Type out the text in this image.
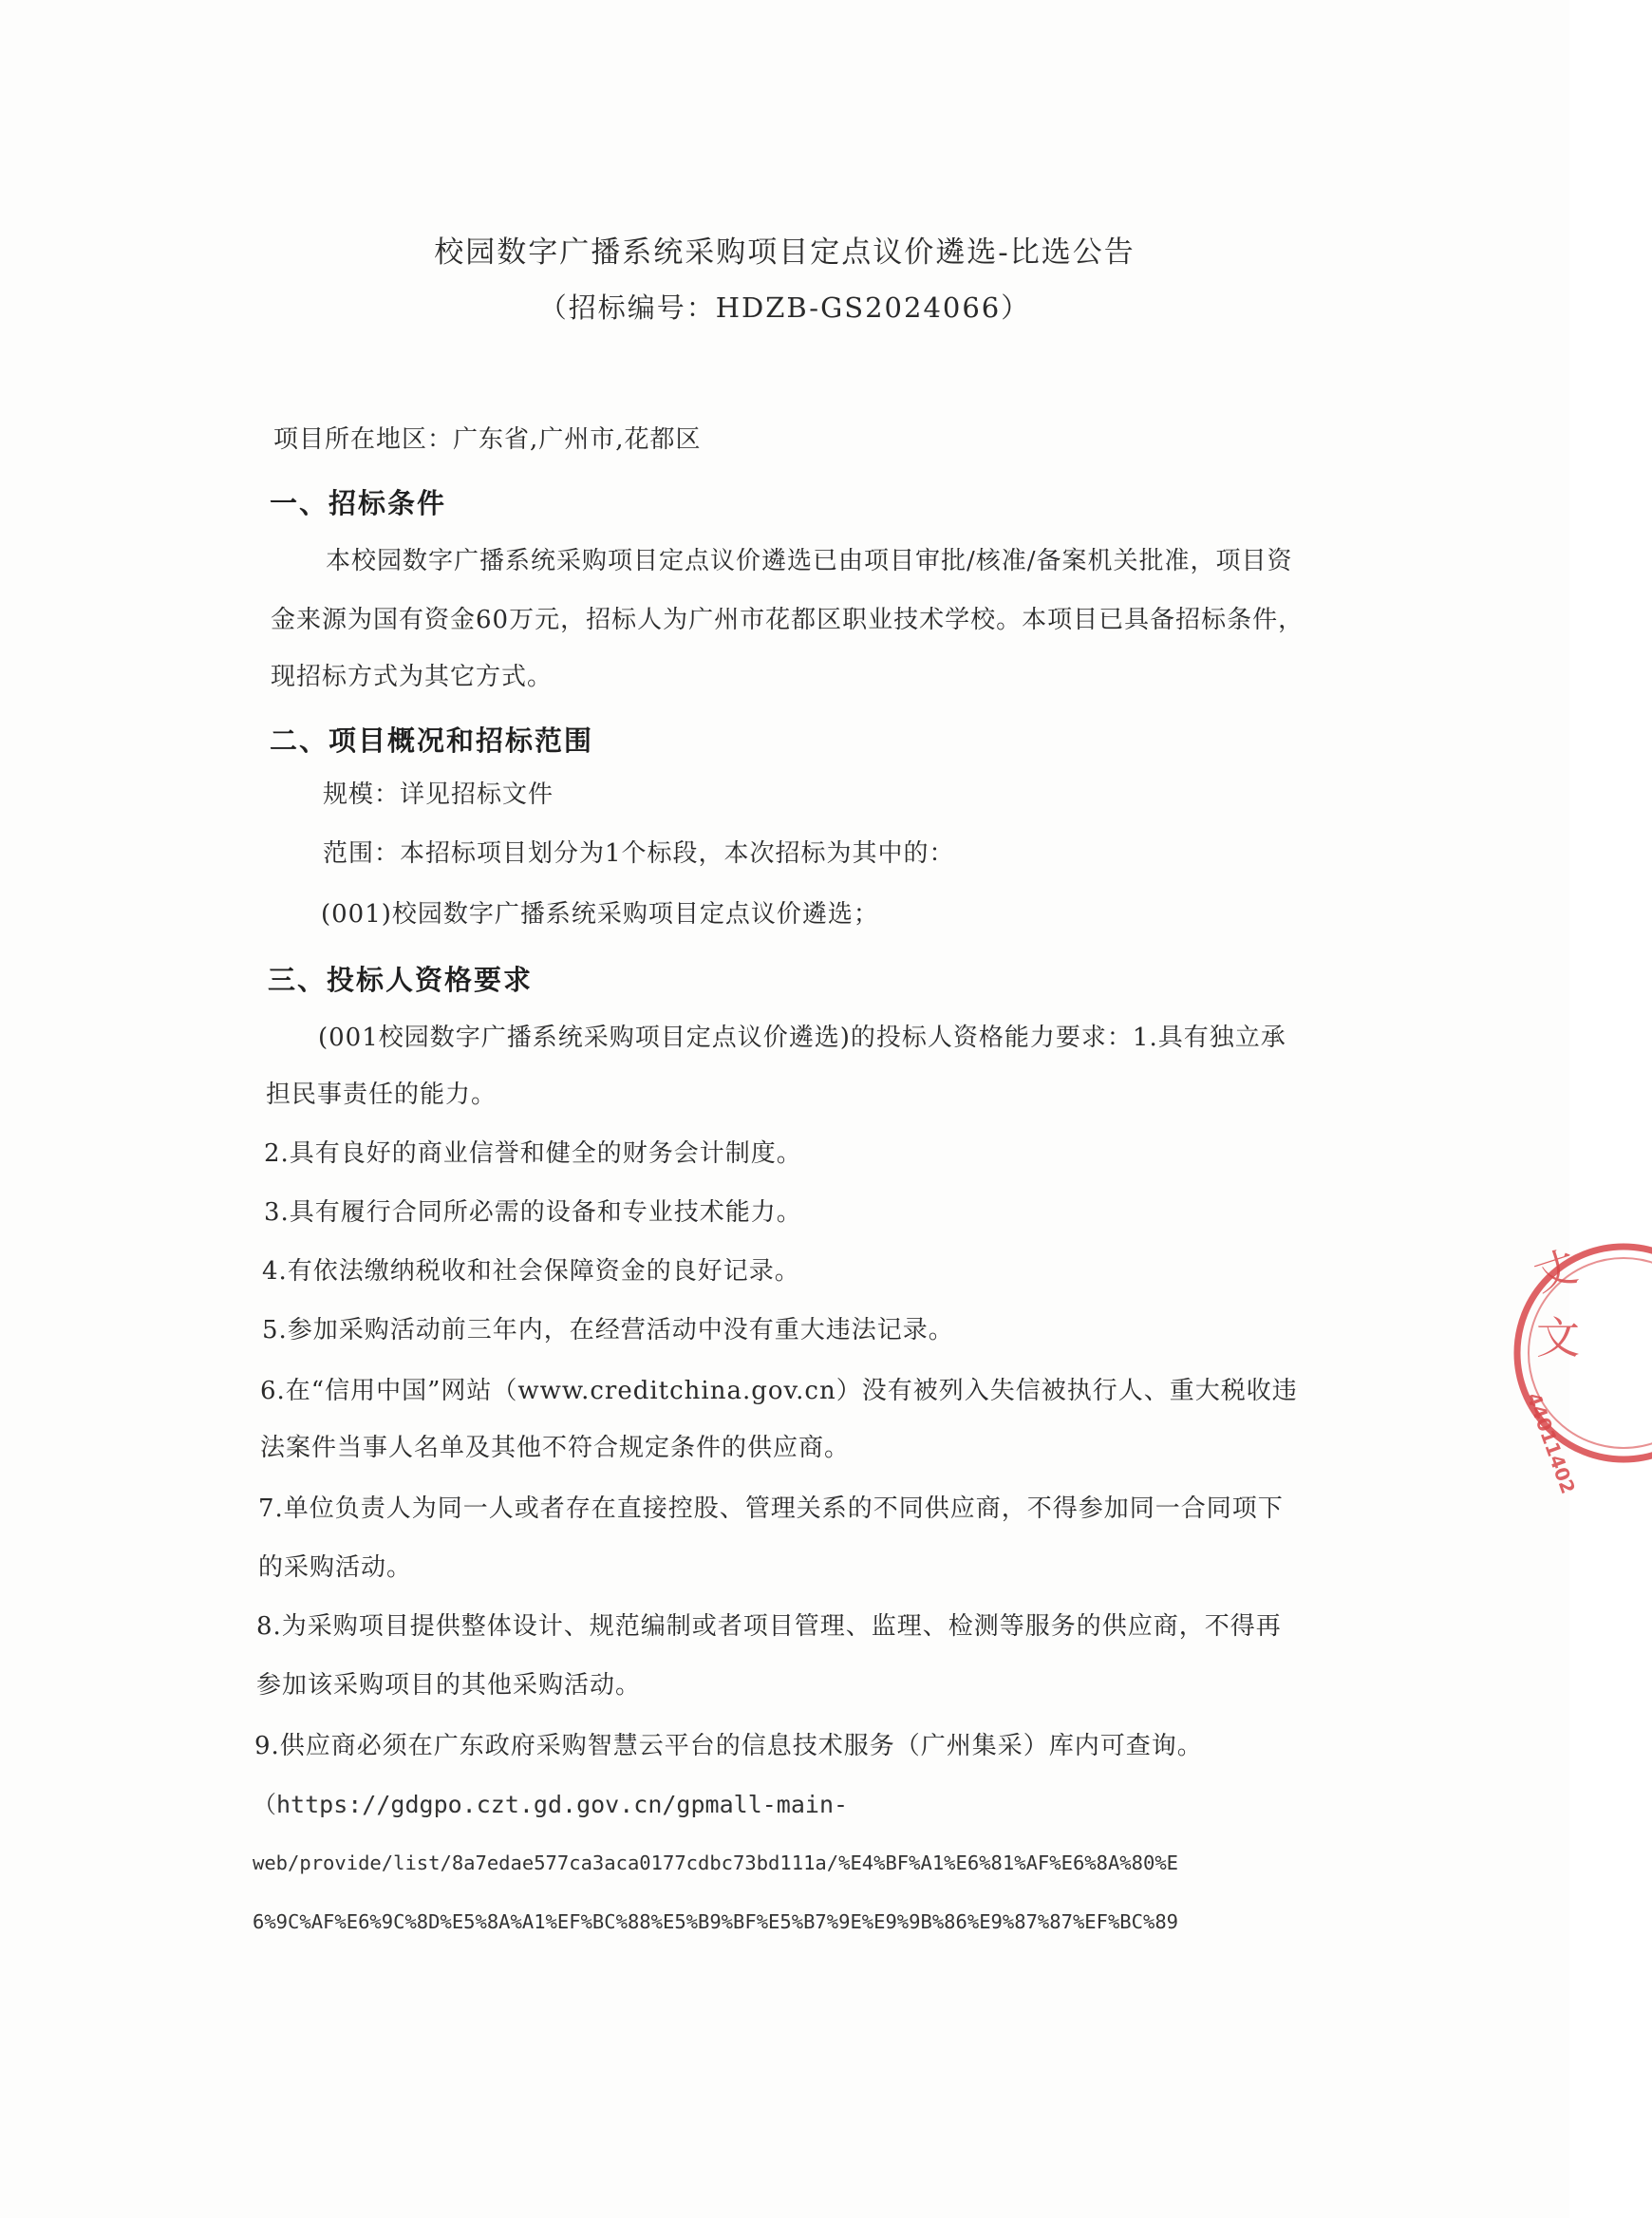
校园数字广播系统采购项目定点议价遴选-比选公告
（招标编号：HDZB-GS2024066）
项目所在地区：广东省,广州市,花都区
一、招标条件
本校园数字广播系统采购项目定点议价遴选已由项目审批/核准/备案机关批准，项目资
金来源为国有资金60万元，招标人为广州市花都区职业技术学校。本项目已具备招标条件，
现招标方式为其它方式。
二、项目概况和招标范围
规模：详见招标文件
范围：本招标项目划分为1个标段，本次招标为其中的：
(001)校园数字广播系统采购项目定点议价遴选；
三、投标人资格要求
(001校园数字广播系统采购项目定点议价遴选)的投标人资格能力要求：1.具有独立承
担民事责任的能力。
2.具有良好的商业信誉和健全的财务会计制度。
3.具有履行合同所必需的设备和专业技术能力。
4.有依法缴纳税收和社会保障资金的良好记录。
5.参加采购活动前三年内，在经营活动中没有重大违法记录。
6.在“信用中国”网站（www.creditchina.gov.cn）没有被列入失信被执行人、重大税收违
法案件当事人名单及其他不符合规定条件的供应商。
7.单位负责人为同一人或者存在直接控股、管理关系的不同供应商，不得参加同一合同项下
的采购活动。
8.为采购项目提供整体设计、规范编制或者项目管理、监理、检测等服务的供应商，不得再
参加该采购项目的其他采购活动。
9.供应商必须在广东政府采购智慧云平台的信息技术服务（广州集采）库内可查询。
（https://gdgpo.czt.gd.gov.cn/gpmall-main-
web/provide/list/8a7edae577ca3aca0177cdbc73bd111a/%E4%BF%A1%E6%81%AF%E6%8A%80%E
6%9C%AF%E6%9C%8D%E5%8A%A1%EF%BC%88%E5%B9%BF%E5%B7%9E%E9%9B%86%E9%87%87%EF%BC%89
丈
文
44011402
